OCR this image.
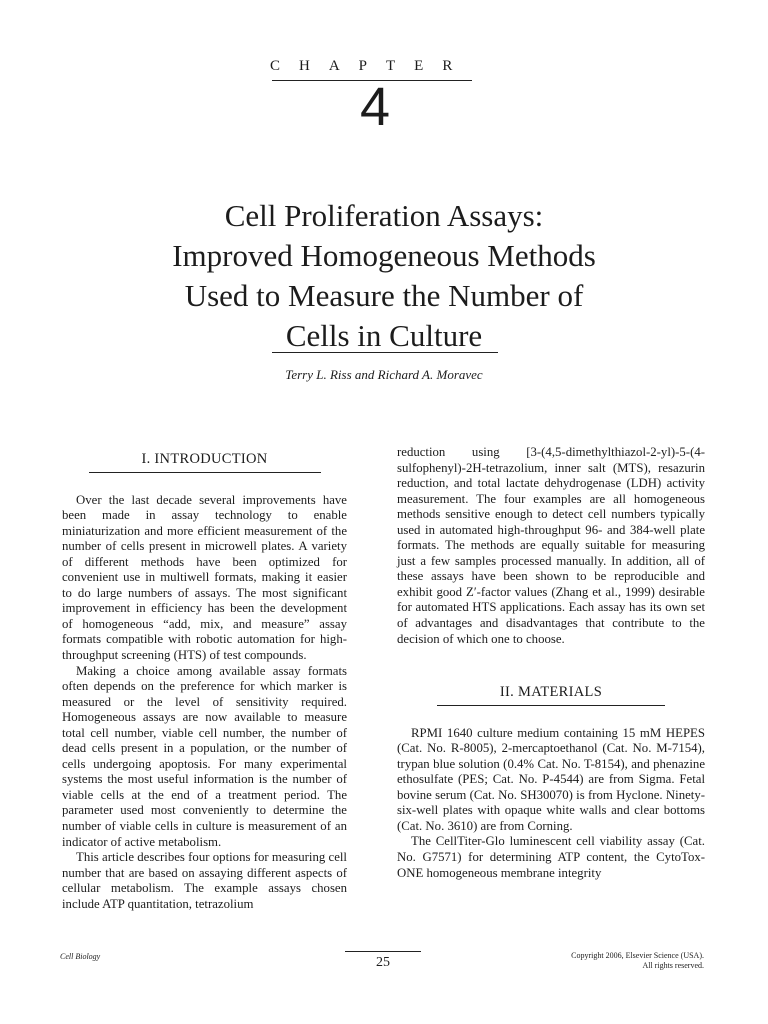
CHAPTER
4
Cell Proliferation Assays:
Improved Homogeneous Methods
Used to Measure the Number of
Cells in Culture
Terry L. Riss and Richard A. Moravec
I. INTRODUCTION

Over the last decade several improvements have been made in assay technology to enable miniaturization and more efficient measurement of the number of cells present in microwell plates. A variety of different methods have been optimized for convenient use in multiwell formats, making it easier to do large numbers of assays. The most significant improvement in efficiency has been the development of homogeneous “add, mix, and measure” assay formats compatible with robotic automation for high-throughput screening (HTS) of test compounds.

Making a choice among available assay formats often depends on the preference for which marker is measured or the level of sensitivity required. Homogeneous assays are now available to measure total cell number, viable cell number, the number of dead cells present in a population, or the number of cells undergoing apoptosis. For many experimental systems the most useful information is the number of viable cells at the end of a treatment period. The parameter used most conveniently to determine the number of viable cells in culture is measurement of an indicator of active metabolism.

This article describes four options for measuring cell number that are based on assaying different aspects of cellular metabolism. The example assays chosen include ATP quantitation, tetrazolium

reduction using [3-(4,5-dimethylthiazol-2-yl)-5-(4-sulfophenyl)-2H-tetrazolium, inner salt (MTS), resazurin reduction, and total lactate dehydrogenase (LDH) activity measurement. The four examples are all homogeneous methods sensitive enough to detect cell numbers typically used in automated high-throughput 96- and 384-well plate formats. The methods are equally suitable for measuring just a few samples processed manually. In addition, all of these assays have been shown to be reproducible and exhibit good Z′-factor values (Zhang et al., 1999) desirable for automated HTS applications. Each assay has its own set of advantages and disadvantages that contribute to the decision of which one to choose.

II. MATERIALS

RPMI 1640 culture medium containing 15 mM HEPES (Cat. No. R-8005), 2-mercaptoethanol (Cat. No. M-7154), trypan blue solution (0.4% Cat. No. T-8154), and phenazine ethosulfate (PES; Cat. No. P-4544) are from Sigma. Fetal bovine serum (Cat. No. SH30070) is from Hyclone. Ninety-six-well plates with opaque white walls and clear bottoms (Cat. No. 3610) are from Corning.

The CellTiter-Glo luminescent cell viability assay (Cat. No. G7571) for determining ATP content, the CytoTox-ONE homogeneous membrane integrity

Cell Biology	25	Copyright 2006, Elsevier Science (USA).
All rights reserved.
